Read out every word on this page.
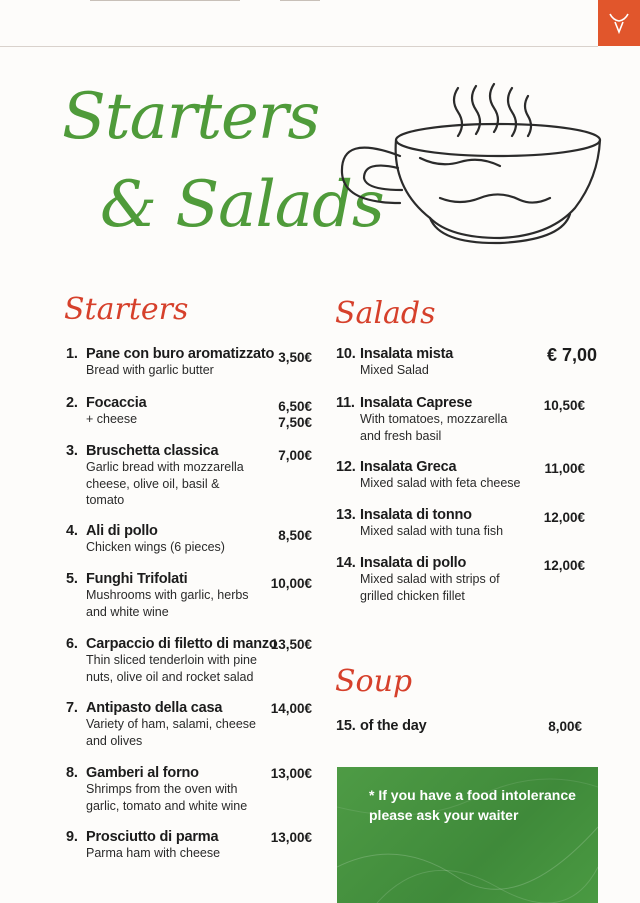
Starters
& Salads
Starters	Salads
Soup
1. Pane con buro aromatizzato
Bread with garlic butter
3,50€
2. Focaccia
+ cheese
6,50€
7,50€
3. Bruschetta classica
Garlic bread with mozzarella
cheese, olive oil, basil &
tomato
7,00€
4. Ali di pollo
Chicken wings (6 pieces)
8,50€
5. Funghi Trifolati
Mushrooms with garlic, herbs
and white wine
10,00€
6. Carpaccio di filetto di manzo
Thin sliced tenderloin with pine
nuts, olive oil and rocket salad
13,50€
7. Antipasto della casa
Variety of ham, salami, cheese
and olives
14,00€
8. Gamberi al forno
Shrimps from the oven with
garlic, tomato and white wine
13,00€
9. Prosciutto di parma
Parma ham with cheese
13,00€
10. Insalata mista
Mixed Salad
€ 7,00
11. Insalata Caprese
With tomatoes, mozzarella
and fresh basil
10,50€
12. Insalata Greca
Mixed salad with feta cheese
11,00€
13. Insalata di tonno
Mixed salad with tuna fish
12,00€
14. Insalata di pollo
Mixed salad with strips of
grilled chicken fillet
12,00€
15. of the day	8,00€
* If you have a food intolerance
please ask your waiter
